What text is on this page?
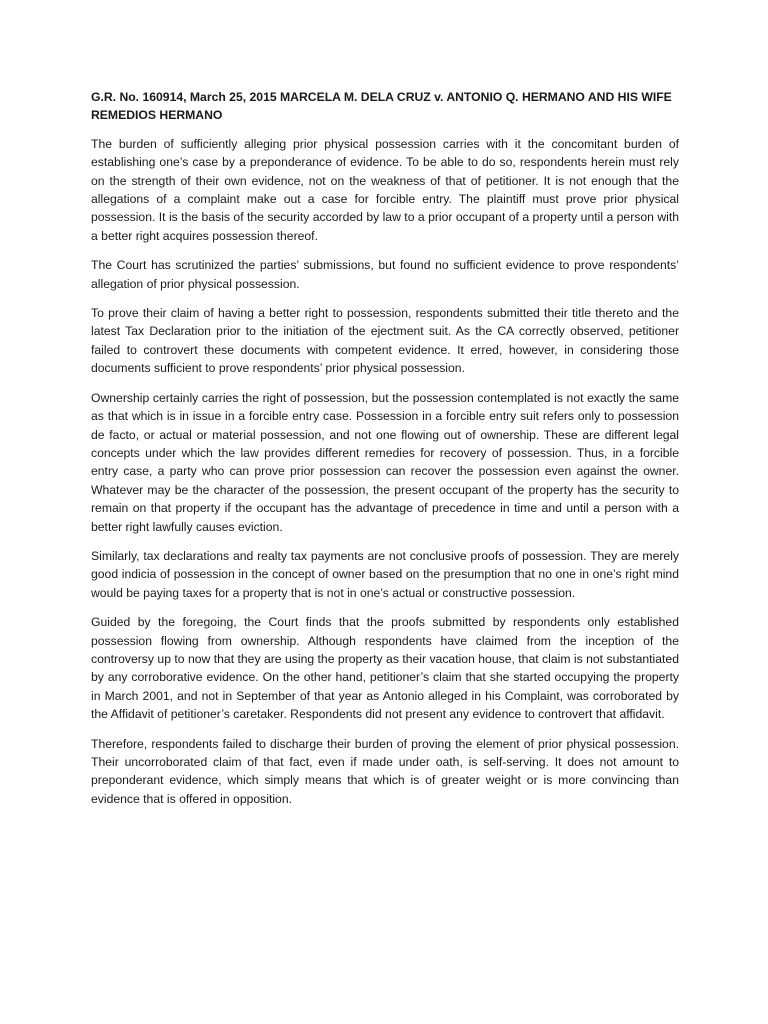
G.R. No. 160914, March 25, 2015 MARCELA M. DELA CRUZ v. ANTONIO Q. HERMANO AND HIS WIFE REMEDIOS HERMANO

The burden of sufficiently alleging prior physical possession carries with it the concomitant burden of establishing one’s case by a preponderance of evidence. To be able to do so, respondents herein must rely on the strength of their own evidence, not on the weakness of that of petitioner. It is not enough that the allegations of a complaint make out a case for forcible entry. The plaintiff must prove prior physical possession. It is the basis of the security accorded by law to a prior occupant of a property until a person with a better right acquires possession thereof.

The Court has scrutinized the parties’ submissions, but found no sufficient evidence to prove respondents’ allegation of prior physical possession.

To prove their claim of having a better right to possession, respondents submitted their title thereto and the latest Tax Declaration prior to the initiation of the ejectment suit. As the CA correctly observed, petitioner failed to controvert these documents with competent evidence. It erred, however, in considering those documents sufficient to prove respondents’ prior physical possession.

Ownership certainly carries the right of possession, but the possession contemplated is not exactly the same as that which is in issue in a forcible entry case. Possession in a forcible entry suit refers only to possession de facto, or actual or material possession, and not one flowing out of ownership. These are different legal concepts under which the law provides different remedies for recovery of possession. Thus, in a forcible entry case, a party who can prove prior possession can recover the possession even against the owner. Whatever may be the character of the possession, the present occupant of the property has the security to remain on that property if the occupant has the advantage of precedence in time and until a person with a better right lawfully causes eviction.

Similarly, tax declarations and realty tax payments are not conclusive proofs of possession. They are merely good indicia of possession in the concept of owner based on the presumption that no one in one’s right mind would be paying taxes for a property that is not in one’s actual or constructive possession.

Guided by the foregoing, the Court finds that the proofs submitted by respondents only established possession flowing from ownership. Although respondents have claimed from the inception of the controversy up to now that they are using the property as their vacation house, that claim is not substantiated by any corroborative evidence. On the other hand, petitioner’s claim that she started occupying the property in March 2001, and not in September of that year as Antonio alleged in his Complaint, was corroborated by the Affidavit of petitioner’s caretaker. Respondents did not present any evidence to controvert that affidavit.

Therefore, respondents failed to discharge their burden of proving the element of prior physical possession. Their uncorroborated claim of that fact, even if made under oath, is self-serving. It does not amount to preponderant evidence, which simply means that which is of greater weight or is more convincing than evidence that is offered in opposition.
